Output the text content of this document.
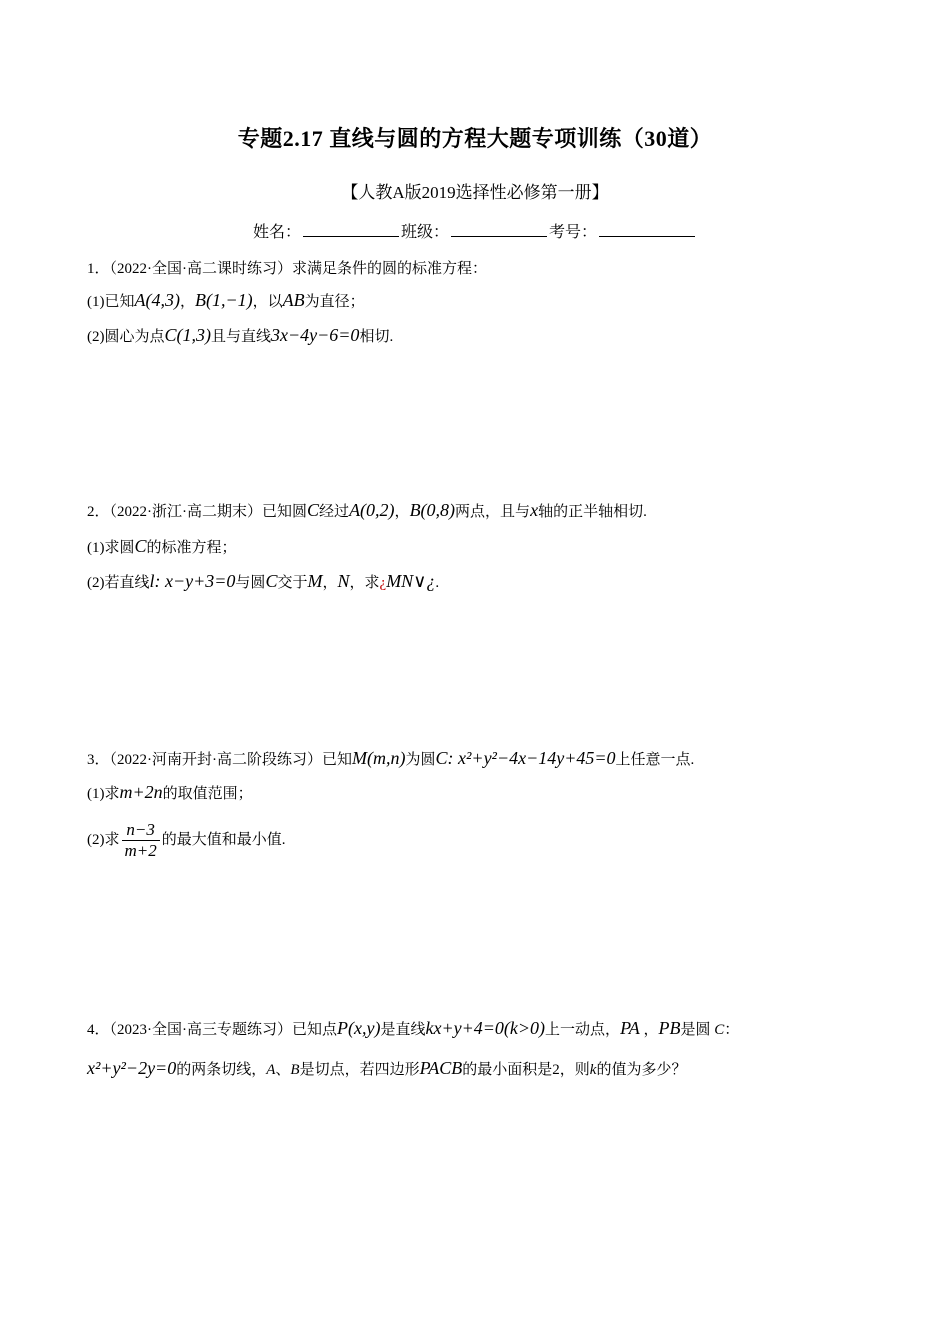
专题2.17 直线与圆的方程大题专项训练（30道）
【人教A版2019选择性必修第一册】
姓名：	班级：	考号：
1．（2022·全国·高二课时练习）求满足条件的圆的标准方程：
(1)已知A(4,3)，B(1,−1)，以AB为直径；
(2)圆心为点C(1,3)且与直线3x−4y−6=0相切.
2．（2022·浙江·高二期末）已知圆C经过A(0,2)，B(0,8)两点，且与x轴的正半轴相切.
(1)求圆C的标准方程；
(2)若直线l: x−y+3=0与圆C交于M，N，求¿MN∨¿.
3．（2022·河南开封·高二阶段练习）已知M(m,n)为圆C: x²+y²−4x−14y+45=0上任意一点.
(1)求m+2n的取值范围；
(2)求 $\frac{n-3}{m+2}$ 的最大值和最小值.
4．（2023·全国·高三专题练习）已知点P(x,y)是直线kx+y+4=0(k>0)上一动点，PA ，PB是圆 C：
x²+y²−2y=0的两条切线，A、B是切点，若四边形PACB的最小面积是2，则k的值为多少？
